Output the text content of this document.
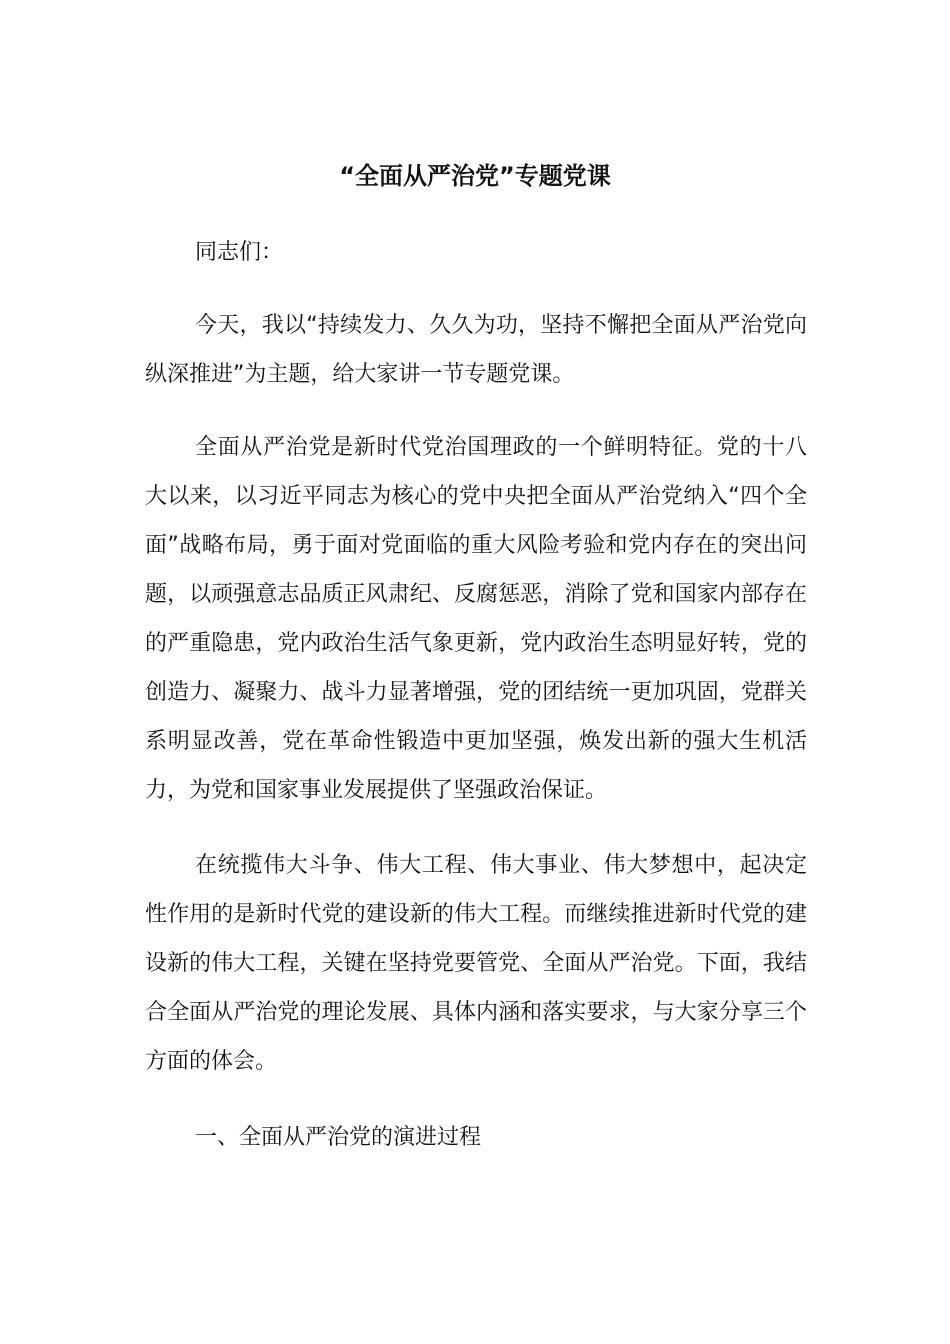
“全面从严治党”专题党课

同志们：

今天，我以“持续发力、久久为功，坚持不懈把全面从严治党向纵深推进”为主题，给大家讲一节专题党课。

全面从严治党是新时代党治国理政的一个鲜明特征。党的十八大以来，以习近平同志为核心的党中央把全面从严治党纳入“四个全面”战略布局，勇于面对党面临的重大风险考验和党内存在的突出问题，以顽强意志品质正风肃纪、反腐惩恶，消除了党和国家内部存在的严重隐患，党内政治生活气象更新，党内政治生态明显好转，党的创造力、凝聚力、战斗力显著增强，党的团结统一更加巩固，党群关系明显改善，党在革命性锻造中更加坚强，焕发出新的强大生机活力，为党和国家事业发展提供了坚强政治保证。

在统揽伟大斗争、伟大工程、伟大事业、伟大梦想中，起决定性作用的是新时代党的建设新的伟大工程。而继续推进新时代党的建设新的伟大工程，关键在坚持党要管党、全面从严治党。下面，我结合全面从严治党的理论发展、具体内涵和落实要求，与大家分享三个方面的体会。

一、全面从严治党的演进过程
